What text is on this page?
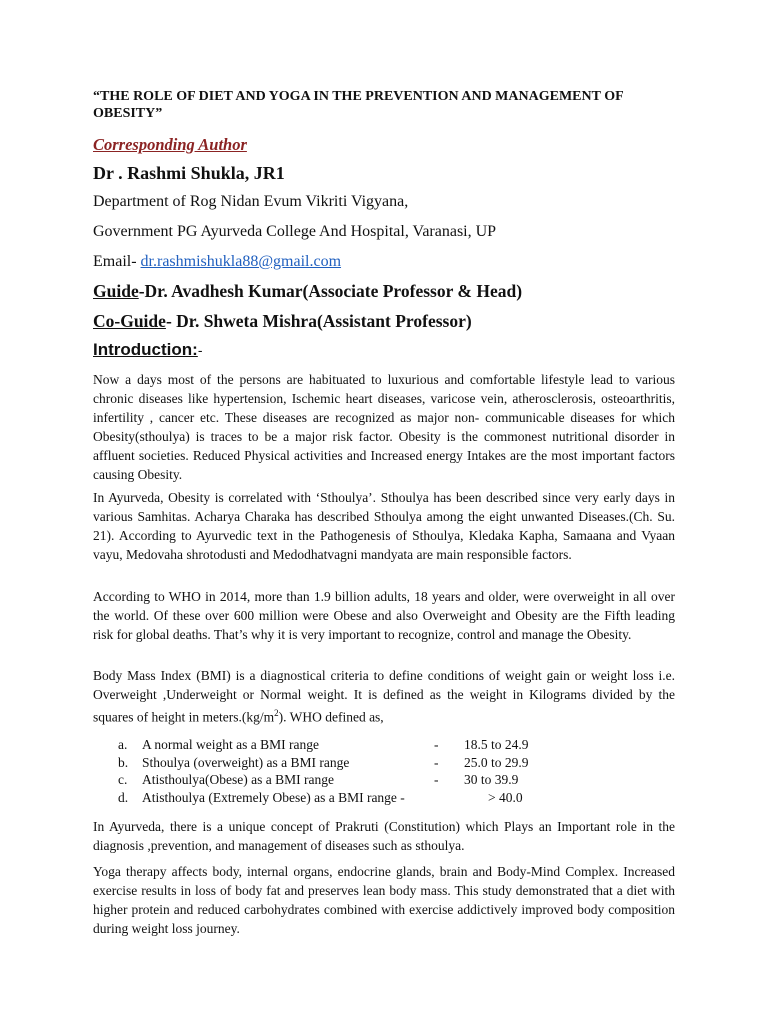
“THE ROLE OF DIET AND YOGA IN THE PREVENTION AND MANAGEMENT OF OBESITY”
Corresponding Author
Dr . Rashmi Shukla, JR1
Department of Rog Nidan Evum Vikriti Vigyana,
Government PG Ayurveda College And Hospital, Varanasi, UP
Email- dr.rashmishukla88@gmail.com
Guide-Dr. Avadhesh Kumar(Associate Professor & Head)
Co-Guide- Dr. Shweta Mishra(Assistant Professor)
Introduction:-

Now a days most of the persons are habituated to luxurious and comfortable lifestyle lead to various chronic diseases like hypertension, Ischemic heart diseases, varicose vein, atherosclerosis, osteoarthritis, infertility , cancer etc. These diseases are recognized as major non- communicable diseases for which Obesity(sthoulya) is traces to be a major risk factor. Obesity is the commonest nutritional disorder in affluent societies. Reduced Physical activities and Increased energy Intakes are the most important factors causing Obesity.

In Ayurveda, Obesity is correlated with ‘Sthoulya’. Sthoulya has been described since very early days in various Samhitas. Acharya Charaka has described Sthoulya among the eight unwanted Diseases.(Ch. Su. 21). According to Ayurvedic text in the Pathogenesis of Sthoulya, Kledaka Kapha, Samaana and Vyaan vayu, Medovaha shrotodusti and Medodhatvagni mandyata are main responsible factors.

According to WHO in 2014, more than 1.9 billion adults, 18 years and older, were overweight in all over the world. Of these over 600 million were Obese and also Overweight and Obesity are the Fifth leading risk for global deaths. That’s why it is very important to recognize, control and manage the Obesity.

Body Mass Index (BMI) is a diagnostical criteria to define conditions of weight gain or weight loss i.e. Overweight ,Underweight or Normal weight. It is defined as the weight in Kilograms divided by the squares of height in $meters.(kg/m^2)$. WHO defined as,

a.	A normal weight as a BMI range	-	18.5 to 24.9
b.	Sthoulya (overweight) as a BMI range	-	25.0 to 29.9
c.	Atisthoulya(Obese) as a BMI range	-	30 to 39.9
d.	Atisthoulya (Extremely Obese) as a BMI range -	> 40.0

In Ayurveda, there is a unique concept of Prakruti (Constitution) which Plays an Important role in the diagnosis ,prevention, and management of diseases such as sthoulya.

Yoga therapy affects body, internal organs, endocrine glands, brain and Body-Mind Complex. Increased exercise results in loss of body fat and preserves lean body mass. This study demonstrated that a diet with higher protein and reduced carbohydrates combined with exercise addictively improved body composition during weight loss journey.
